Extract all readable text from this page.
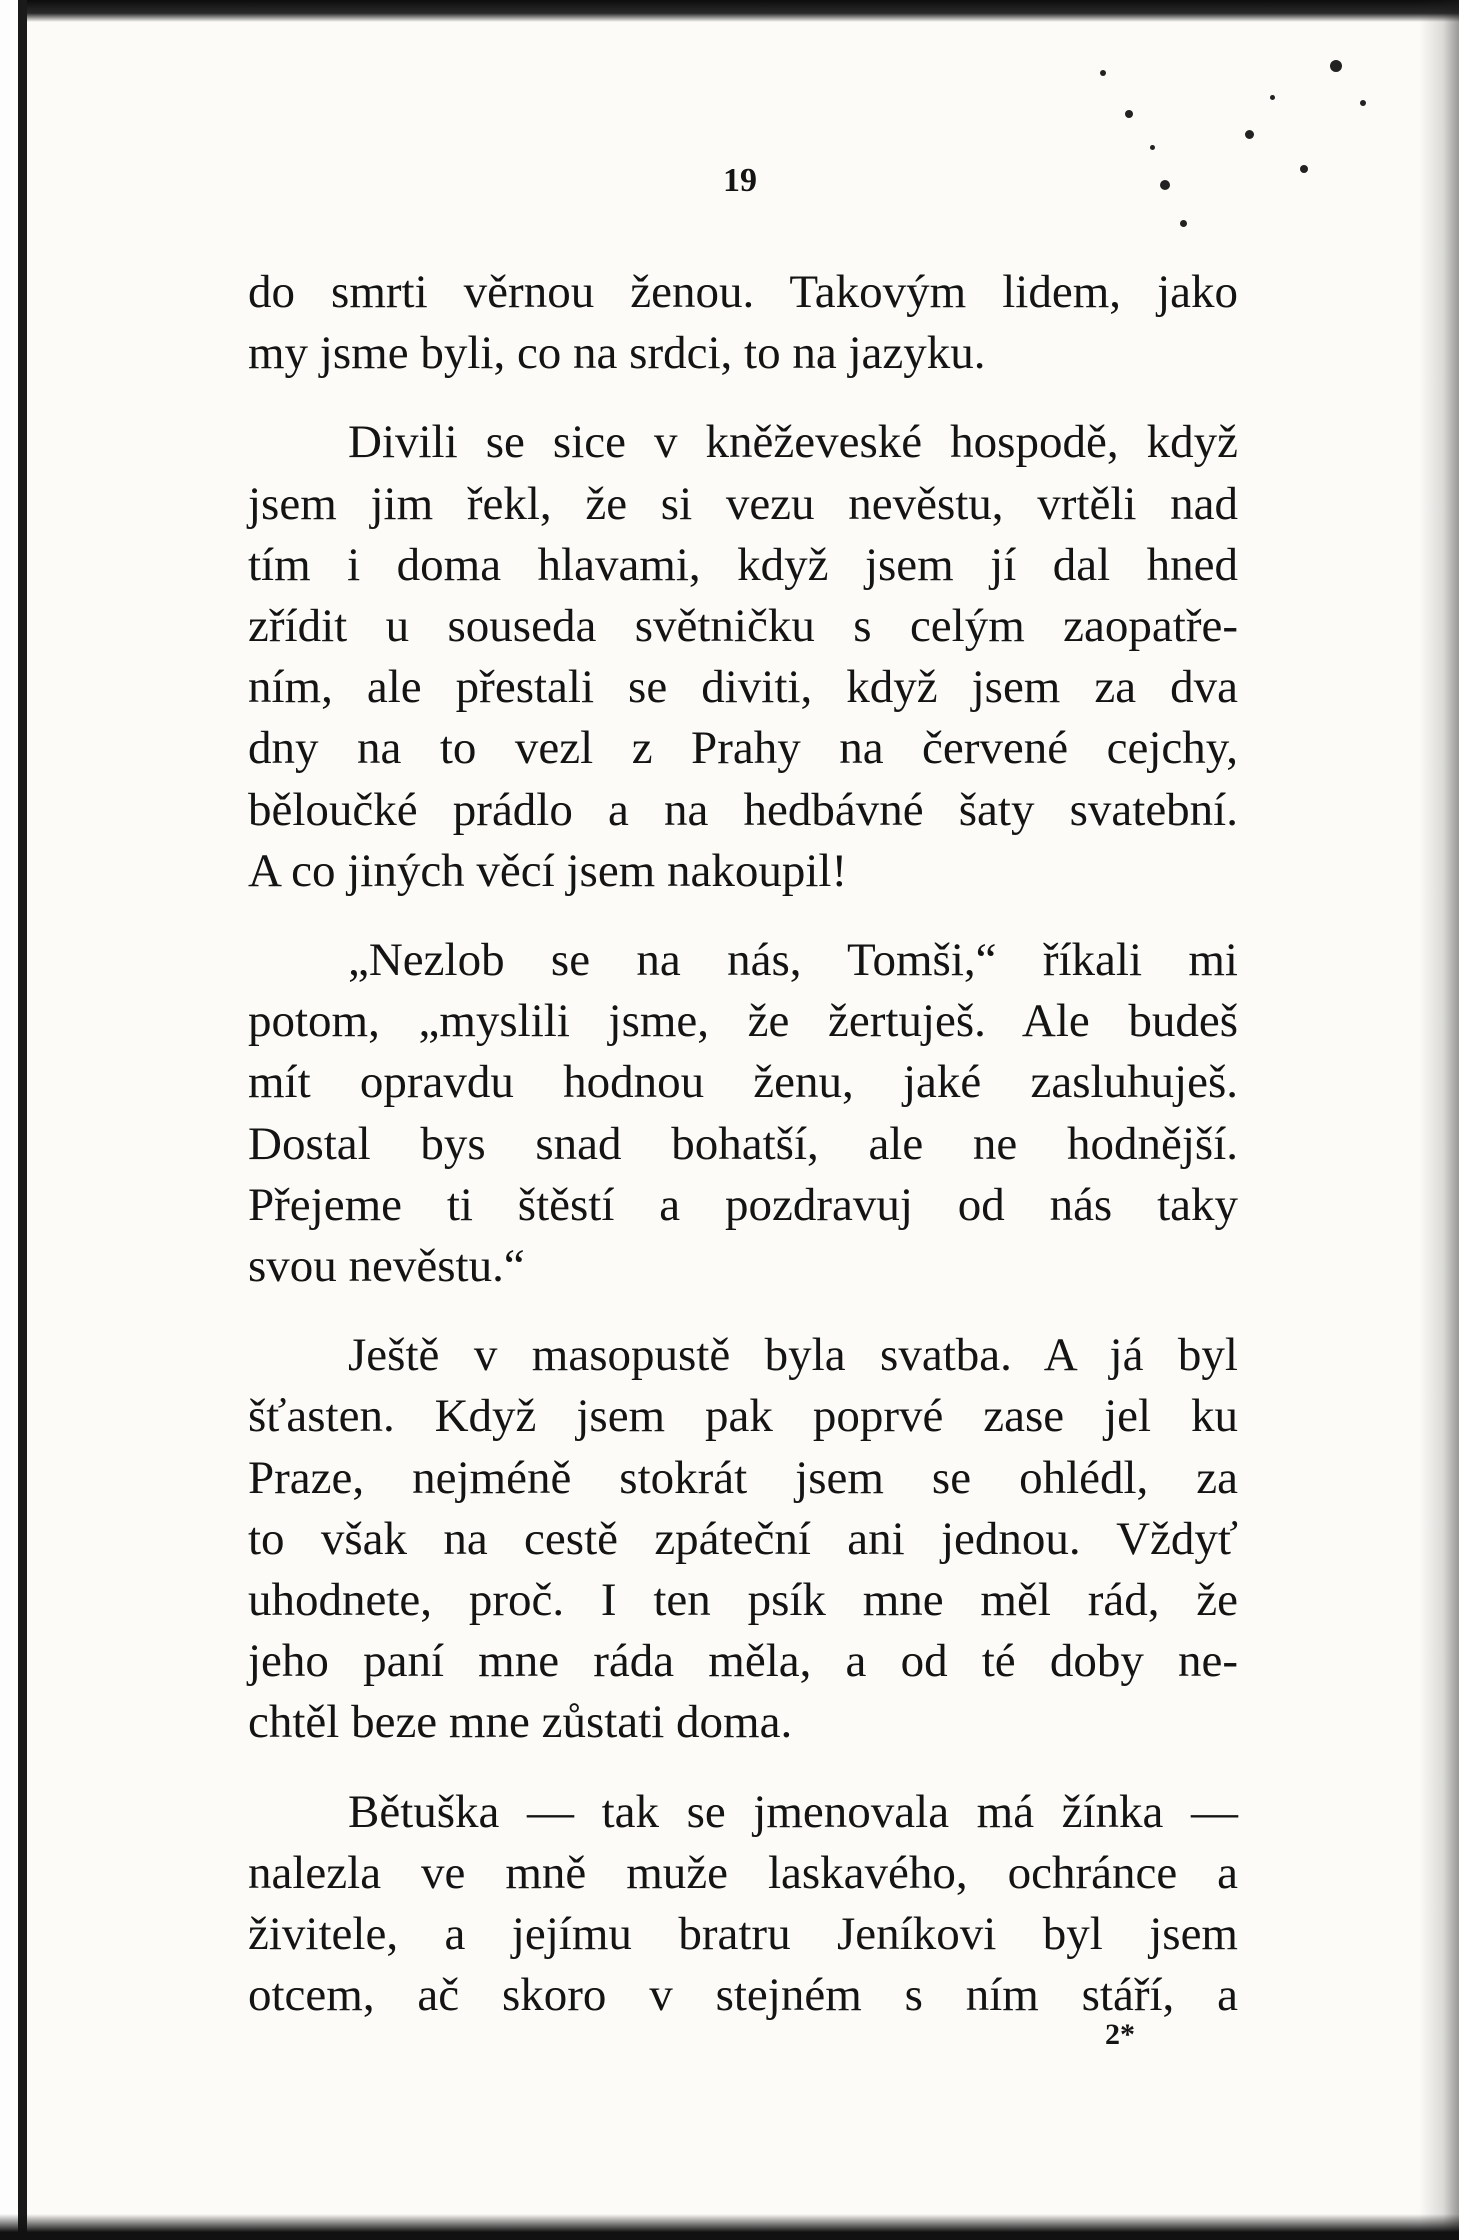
19

do smrti věrnou ženou. Takovým lidem, jako
my jsme byli, co na srdci, to na jazyku.

Divili se sice v kněževeské hospodě, když
jsem jim řekl, že si vezu nevěstu, vrtěli nad
tím i doma hlavami, když jsem jí dal hned
zřídit u souseda světničku s celým zaopatře-
ním, ale přestali se diviti, když jsem za dva
dny na to vezl z Prahy na červené cejchy,
bělоučké prádlo a na hedbávné šaty svatební.
A co jiných věcí jsem nakoupil!

„Nezlob se na nás, Tomši,“ říkali mi
potom, „myslili jsme, že žertuješ. Ale budeš
mít opravdu hodnou ženu, jaké zasluhuješ.
Dostal bys snad bohatší, ale ne hodnější.
Přejeme ti štěstí a pozdravuj od nás taky
svou nevěstu.“

Ještě v masopustě byla svatba. A já byl
šťasten. Když jsem pak poprvé zase jel ku
Praze, nejméně stokrát jsem se ohlédl, za
to však na cestě zpáteční ani jednou. Vždyť
uhodnete, proč. I ten psík mne měl rád, že
jeho paní mne ráda měla, a od té doby ne-
chtěl beze mne zůstati doma.

Bětuška — tak se jmenovala má žínka —
nalezla ve mně muže laskavého, ochránce a
živitele, a jejímu bratru Jeníkovi byl jsem
otcem, ač skoro v stejném s ním stáří, a

2*
